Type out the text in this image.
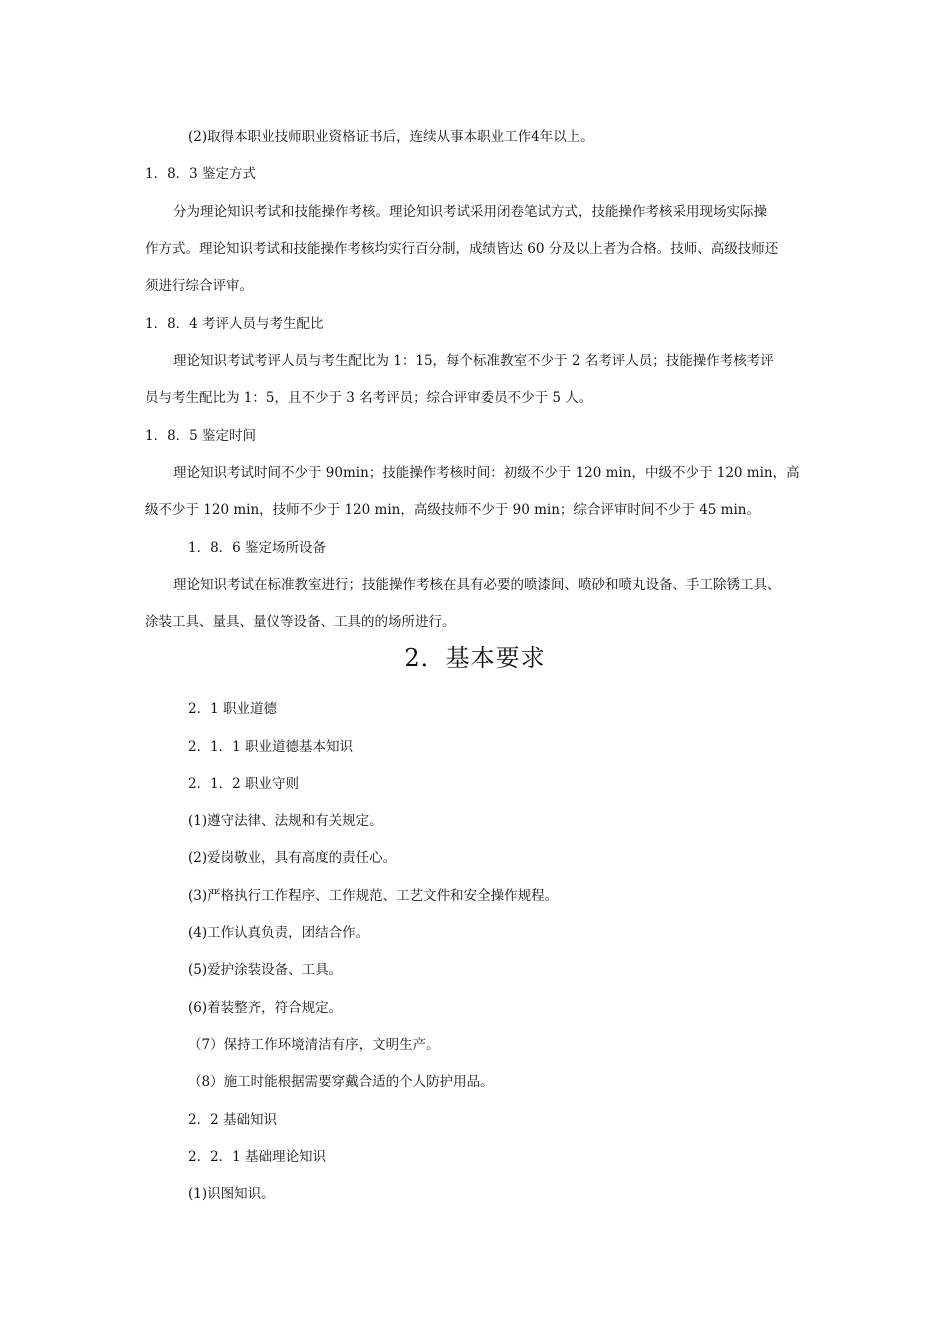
(2)取得本职业技师职业资格证书后，连续从事本职业工作4年以上。
1．8．3 鉴定方式
分为理论知识考试和技能操作考核。理论知识考试采用闭卷笔试方式，技能操作考核采用现场实际操
作方式。理论知识考试和技能操作考核均实行百分制，成绩皆达 60 分及以上者为合格。技师、高级技师还
须进行综合评审。
1．8．4 考评人员与考生配比
理论知识考试考评人员与考生配比为 1：15，每个标准教室不少于 2 名考评人员；技能操作考核考评
员与考生配比为 1：5，且不少于 3 名考评员；综合评审委员不少于 5 人。
1．8．5 鉴定时间
理论知识考试时间不少于 90min；技能操作考核时间：初级不少于 120 min，中级不少于 120 min，高
级不少于 120 min，技师不少于 120 min，高级技师不少于 90 min；综合评审时间不少于 45 min。
1．8．6 鉴定场所设备
理论知识考试在标准教室进行；技能操作考核在具有必要的喷漆间、喷砂和喷丸设备、手工除锈工具、
涂装工具、量具、量仪等设备、工具的的场所进行。
2．基本要求
2．1 职业道德
2．1．1 职业道德基本知识
2．1．2 职业守则
(1)遵守法律、法规和有关规定。
(2)爱岗敬业，具有高度的责任心。
(3)严格执行工作程序、工作规范、工艺文件和安全操作规程。
(4)工作认真负责，团结合作。
(5)爱护涂装设备、工具。
(6)着装整齐，符合规定。
（7）保持工作环境清洁有序，文明生产。
（8）施工时能根据需要穿戴合适的个人防护用品。
2．2 基础知识
2．2．1 基础理论知识
(1)识图知识。
